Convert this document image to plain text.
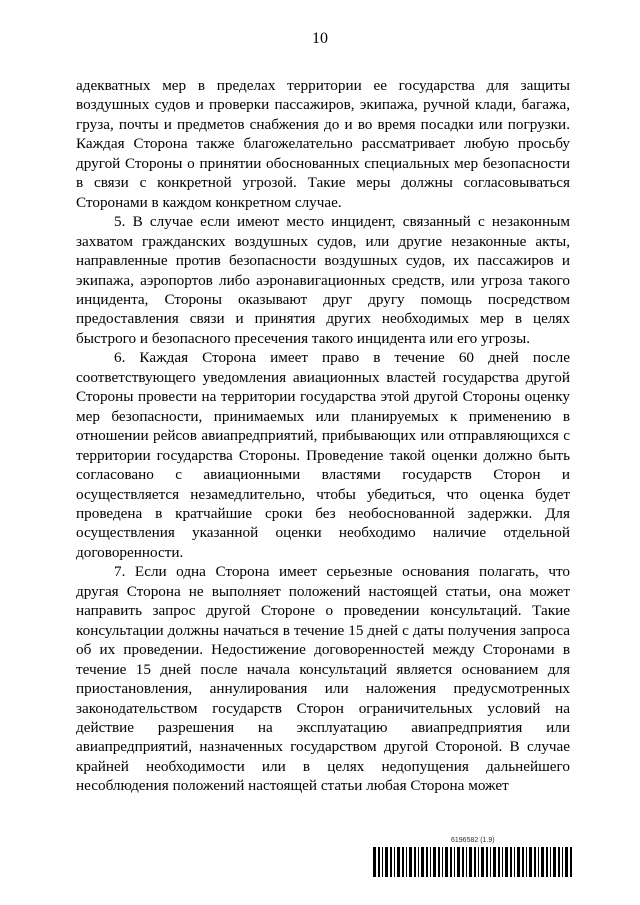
10

адекватных мер в пределах территории ее государства для защиты воздушных судов и проверки пассажиров, экипажа, ручной клади, багажа, груза, почты и предметов снабжения до и во время посадки или погрузки. Каждая Сторона также благожелательно рассматривает любую просьбу другой Стороны о принятии обоснованных специальных мер безопасности в связи с конкретной угрозой. Такие меры должны согласовываться Сторонами в каждом конкретном случае.

5. В случае если имеют место инцидент, связанный с незаконным захватом гражданских воздушных судов, или другие незаконные акты, направленные против безопасности воздушных судов, их пассажиров и экипажа, аэропортов либо аэронавигационных средств, или угроза такого инцидента, Стороны оказывают друг другу помощь посредством предоставления связи и принятия других необходимых мер в целях быстрого и безопасного пресечения такого инцидента или его угрозы.

6. Каждая Сторона имеет право в течение 60 дней после соответствующего уведомления авиационных властей государства другой Стороны провести на территории государства этой другой Стороны оценку мер безопасности, принимаемых или планируемых к применению в отношении рейсов авиапредприятий, прибывающих или отправляющихся с территории государства Стороны. Проведение такой оценки должно быть согласовано с авиационными властями государств Сторон и осуществляется незамедлительно, чтобы убедиться, что оценка будет проведена в кратчайшие сроки без необоснованной задержки. Для осуществления указанной оценки необходимо наличие отдельной договоренности.

7. Если одна Сторона имеет серьезные основания полагать, что другая Сторона не выполняет положений настоящей статьи, она может направить запрос другой Стороне о проведении консультаций. Такие консультации должны начаться в течение 15 дней с даты получения запроса об их проведении. Недостижение договоренностей между Сторонами в течение 15 дней после начала консультаций является основанием для приостановления, аннулирования или наложения предусмотренных законодательством государств Сторон ограничительных условий на действие разрешения на эксплуатацию авиапредприятия или авиапредприятий, назначенных государством другой Стороной. В случае крайней необходимости или в целях недопущения дальнейшего несоблюдения положений настоящей статьи любая Сторона может

6196582 (1.9)
